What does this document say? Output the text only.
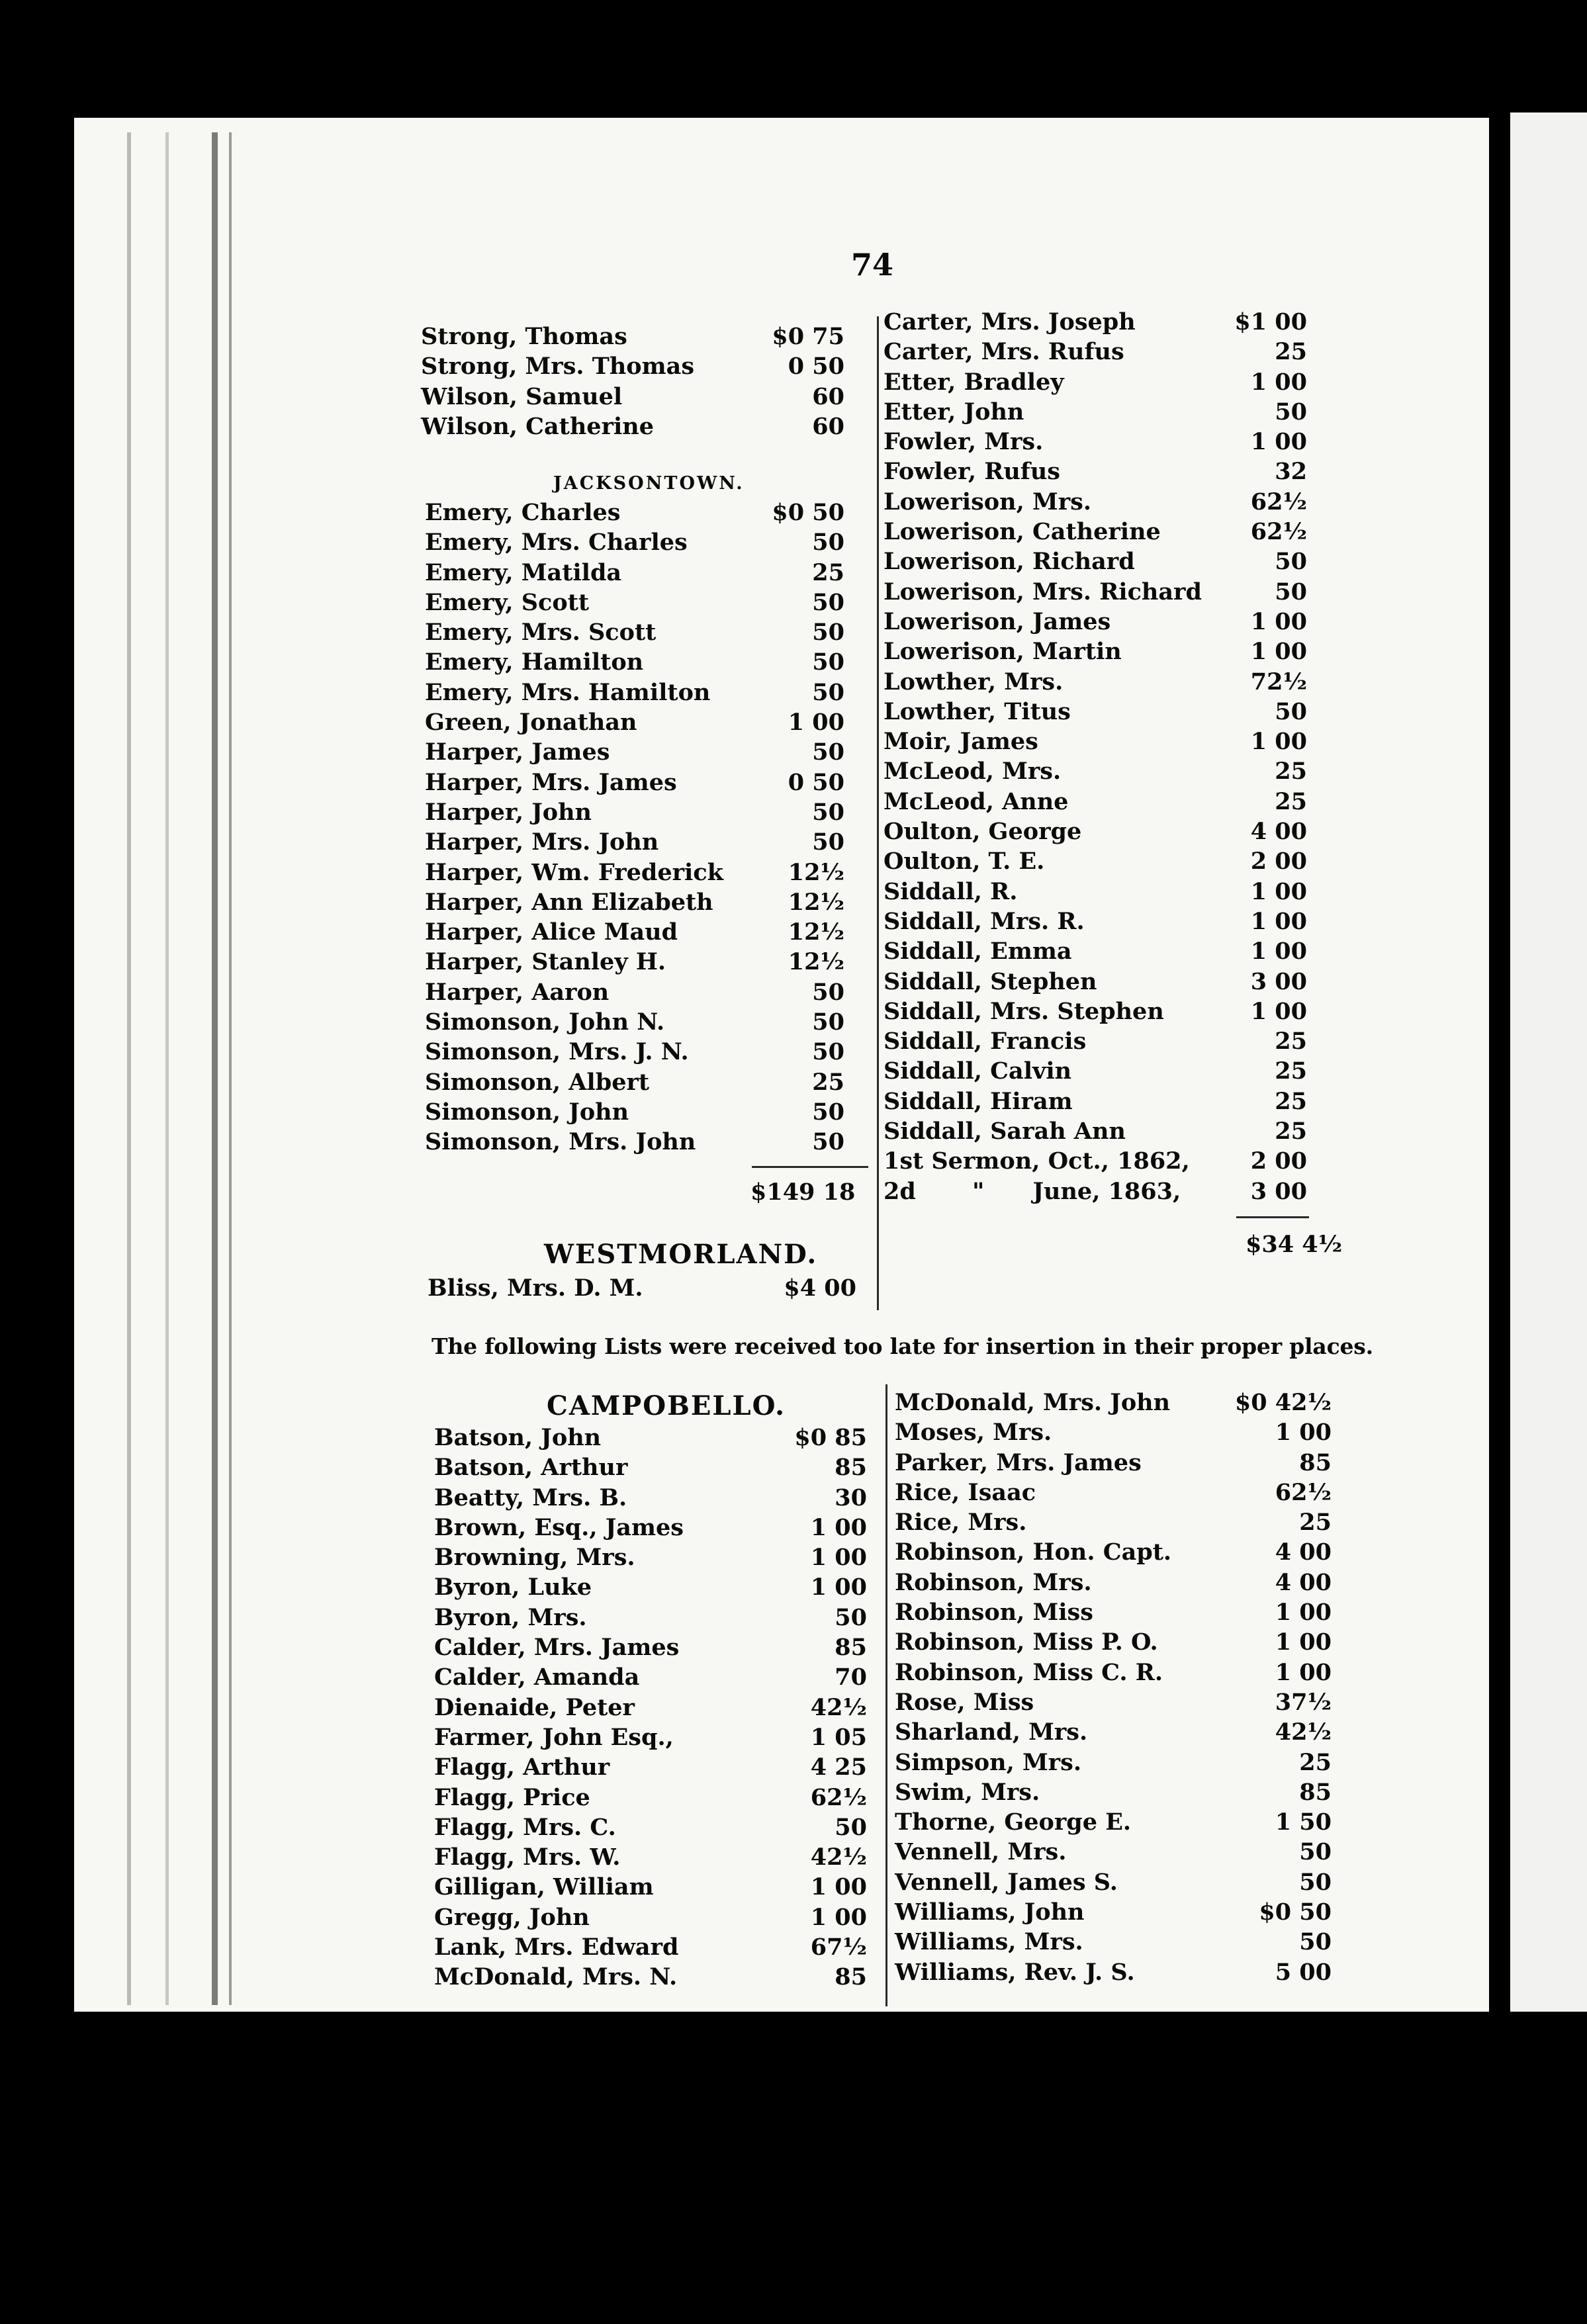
74
Strong, Thomas	$0 75
Strong, Mrs. Thomas	0 50
Wilson, Samuel	60
Wilson, Catherine	60
JACKSONTOWN.
Emery, Charles	$0 50
Emery, Mrs. Charles	50
Emery, Matilda	25
Emery, Scott	50
Emery, Mrs. Scott	50
Emery, Hamilton	50
Emery, Mrs. Hamilton	50
Green, Jonathan	1 00
Harper, James	50
Harper, Mrs. James	0 50
Harper, John	50
Harper, Mrs. John	50
Harper, Wm. Frederick	12½
Harper, Ann Elizabeth	12½
Harper, Alice Maud	12½
Harper, Stanley H.	12½
Harper, Aaron	50
Simonson, John N.	50
Simonson, Mrs. J. N.	50
Simonson, Albert	25
Simonson, John	50
Simonson, Mrs. John	50
$149 18
WESTMORLAND.
Bliss, Mrs. D. M.	$4 00
Carter, Mrs. Joseph	$1 00
Carter, Mrs. Rufus	25
Etter, Bradley	1 00
Etter, John	50
Fowler, Mrs.	1 00
Fowler, Rufus	32
Lowerison, Mrs.	62½
Lowerison, Catherine	62½
Lowerison, Richard	50
Lowerison, Mrs. Richard	50
Lowerison, James	1 00
Lowerison, Martin	1 00
Lowther, Mrs.	72½
Lowther, Titus	50
Moir, James	1 00
McLeod, Mrs.	25
McLeod, Anne	25
Oulton, George	4 00
Oulton, T. E.	2 00
Siddall, R.	1 00
Siddall, Mrs. R.	1 00
Siddall, Emma	1 00
Siddall, Stephen	3 00
Siddall, Mrs. Stephen	1 00
Siddall, Francis	25
Siddall, Calvin	25
Siddall, Hiram	25
Siddall, Sarah Ann	25
1st Sermon, Oct., 1862,	2 00
2d       "      June, 1863,	3 00
$34 4½
The following Lists were received too late for insertion in their proper places.
CAMPOBELLO.
Batson, John	$0 85
Batson, Arthur	85
Beatty, Mrs. B.	30
Brown, Esq., James	1 00
Browning, Mrs.	1 00
Byron, Luke	1 00
Byron, Mrs.	50
Calder, Mrs. James	85
Calder, Amanda	70
Dienaide, Peter	42½
Farmer, John Esq.,	1 05
Flagg, Arthur	4 25
Flagg, Price	62½
Flagg, Mrs. C.	50
Flagg, Mrs. W.	42½
Gilligan, William	1 00
Gregg, John	1 00
Lank, Mrs. Edward	67½
McDonald, Mrs. N.	85
McDonald, Mrs. John	$0 42½
Moses, Mrs.	1 00
Parker, Mrs. James	85
Rice, Isaac	62½
Rice, Mrs.	25
Robinson, Hon. Capt.	4 00
Robinson, Mrs.	4 00
Robinson, Miss	1 00
Robinson, Miss P. O.	1 00
Robinson, Miss C. R.	1 00
Rose, Miss	37½
Sharland, Mrs.	42½
Simpson, Mrs.	25
Swim, Mrs.	85
Thorne, George E.	1 50
Vennell, Mrs.	50
Vennell, James S.	50
Williams, John	$0 50
Williams, Mrs.	50
Williams, Rev. J. S.	5 00
